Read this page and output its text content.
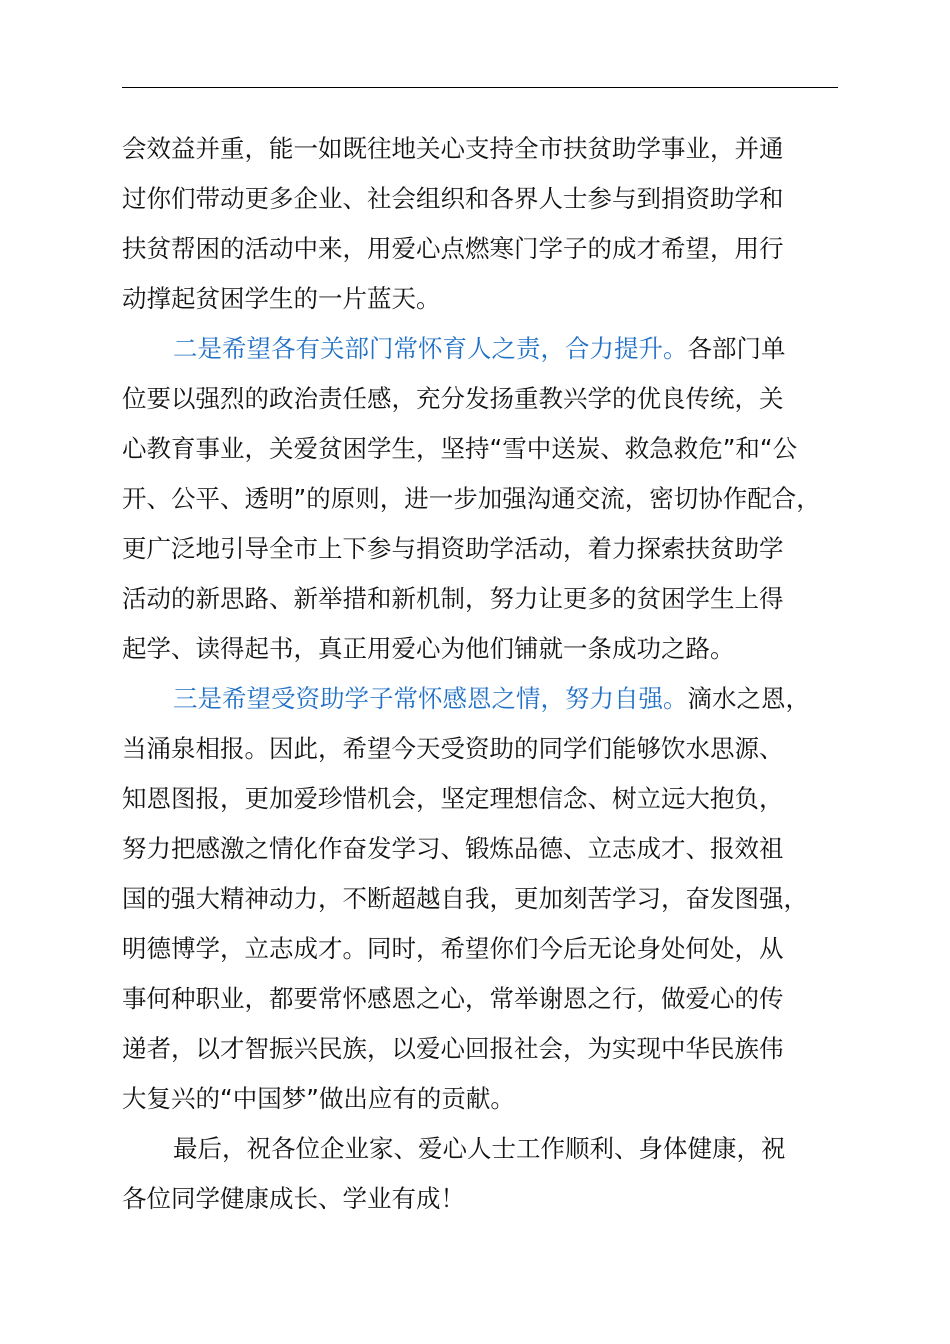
会效益并重，能一如既往地关心支持全市扶贫助学事业，并通
过你们带动更多企业、社会组织和各界人士参与到捐资助学和
扶贫帮困的活动中来，用爱心点燃寒门学子的成才希望，用行
动撑起贫困学生的一片蓝天。
二是希望各有关部门常怀育人之责，合力提升。各部门单
位要以强烈的政治责任感，充分发扬重教兴学的优良传统，关
心教育事业，关爱贫困学生，坚持“雪中送炭、救急救危”和“公
开、公平、透明”的原则，进一步加强沟通交流，密切协作配合，
更广泛地引导全市上下参与捐资助学活动，着力探索扶贫助学
活动的新思路、新举措和新机制，努力让更多的贫困学生上得
起学、读得起书，真正用爱心为他们铺就一条成功之路。
三是希望受资助学子常怀感恩之情，努力自强。滴水之恩，
当涌泉相报。因此，希望今天受资助的同学们能够饮水思源、
知恩图报，更加爱珍惜机会，坚定理想信念、树立远大抱负，
努力把感激之情化作奋发学习、锻炼品德、立志成才、报效祖
国的强大精神动力，不断超越自我，更加刻苦学习，奋发图强，
明德博学，立志成才。同时，希望你们今后无论身处何处，从
事何种职业，都要常怀感恩之心，常举谢恩之行，做爱心的传
递者，以才智振兴民族，以爱心回报社会，为实现中华民族伟
大复兴的“中国梦”做出应有的贡献。
最后，祝各位企业家、爱心人士工作顺利、身体健康，祝
各位同学健康成长、学业有成！
